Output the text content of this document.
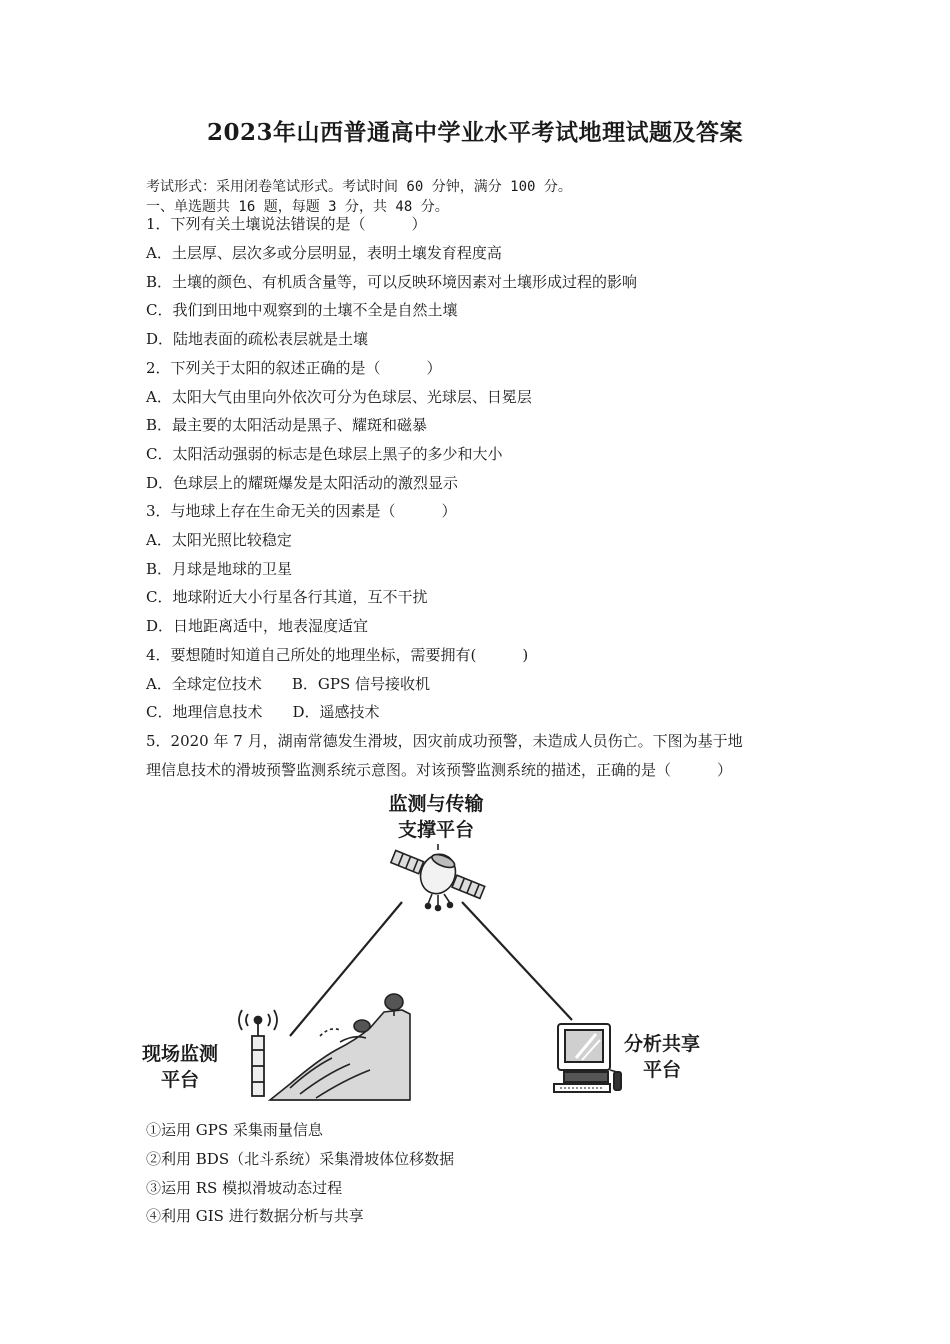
2023年山西普通高中学业水平考试地理试题及答案
考试形式：采用闭卷笔试形式。考试时间 60 分钟，满分 100 分。
一、单选题共 16 题，每题 3 分，共 48 分。
1．下列有关土壤说法错误的是（	）
A．土层厚、层次多或分层明显，表明土壤发育程度高
B．土壤的颜色、有机质含量等，可以反映环境因素对土壤形成过程的影响
C．我们到田地中观察到的土壤不全是自然土壤
D．陆地表面的疏松表层就是土壤
2．下列关于太阳的叙述正确的是（	）
A．太阳大气由里向外依次可分为色球层、光球层、日冕层
B．最主要的太阳活动是黑子、耀斑和磁暴
C．太阳活动强弱的标志是色球层上黑子的多少和大小
D．色球层上的耀斑爆发是太阳活动的激烈显示
3．与地球上存在生命无关的因素是（	）
A．太阳光照比较稳定
B．月球是地球的卫星
C．地球附近大小行星各行其道，互不干扰
D．日地距离适中，地表湿度适宜
4．要想随时知道自己所处的地理坐标，需要拥有(	)
A．全球定位技术 B．GPS 信号接收机
C．地理信息技术 D．遥感技术
5．2020 年 7 月，湖南常德发生滑坡，因灾前成功预警，未造成人员伤亡。下图为基于地
理信息技术的滑坡预警监测系统示意图。对该预警监测系统的描述，正确的是（	）
监测与传输
支撑平台
现场监测
平台
分析共享
平台
①运用 GPS 采集雨量信息
②利用 BDS（北斗系统）采集滑坡体位移数据
③运用 RS 模拟滑坡动态过程
④利用 GIS 进行数据分析与共享
